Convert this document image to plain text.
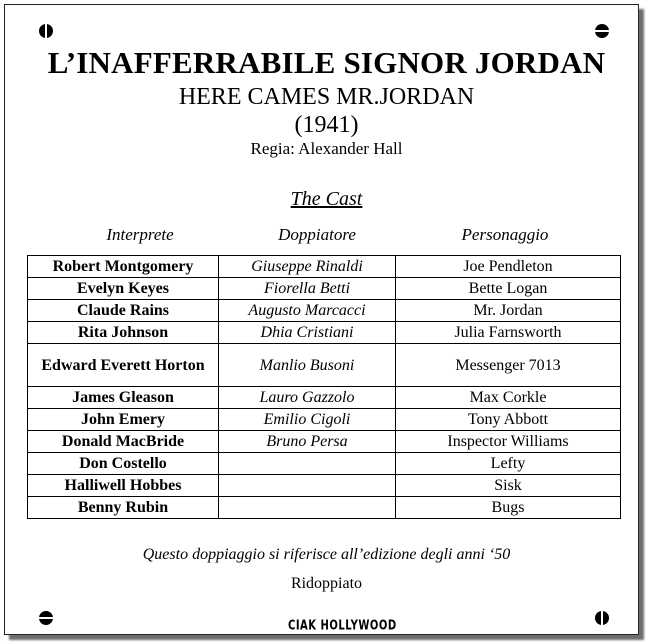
L’INAFFERRABILE SIGNOR JORDAN
HERE CAMES MR.JORDAN
(1941)
Regia: Alexander Hall
The Cast
Interprete	Doppiatore	Personaggio
Robert Montgomery	Giuseppe Rinaldi	Joe Pendleton
Evelyn Keyes	Fiorella Betti	Bette Logan
Claude Rains	Augusto Marcacci	Mr. Jordan
Rita Johnson	Dhia Cristiani	Julia Farnsworth
Edward Everett Horton	Manlio Busoni	Messenger 7013
James Gleason	Lauro Gazzolo	Max Corkle
John Emery	Emilio Cigoli	Tony Abbott
Donald MacBride	Bruno Persa	Inspector Williams
Don Costello		Lefty
Halliwell Hobbes		Sisk
Benny Rubin		Bugs
Questo doppiaggio si riferisce all’edizione degli anni ‘50
Ridoppiato
CIAK HOLLYWOOD
